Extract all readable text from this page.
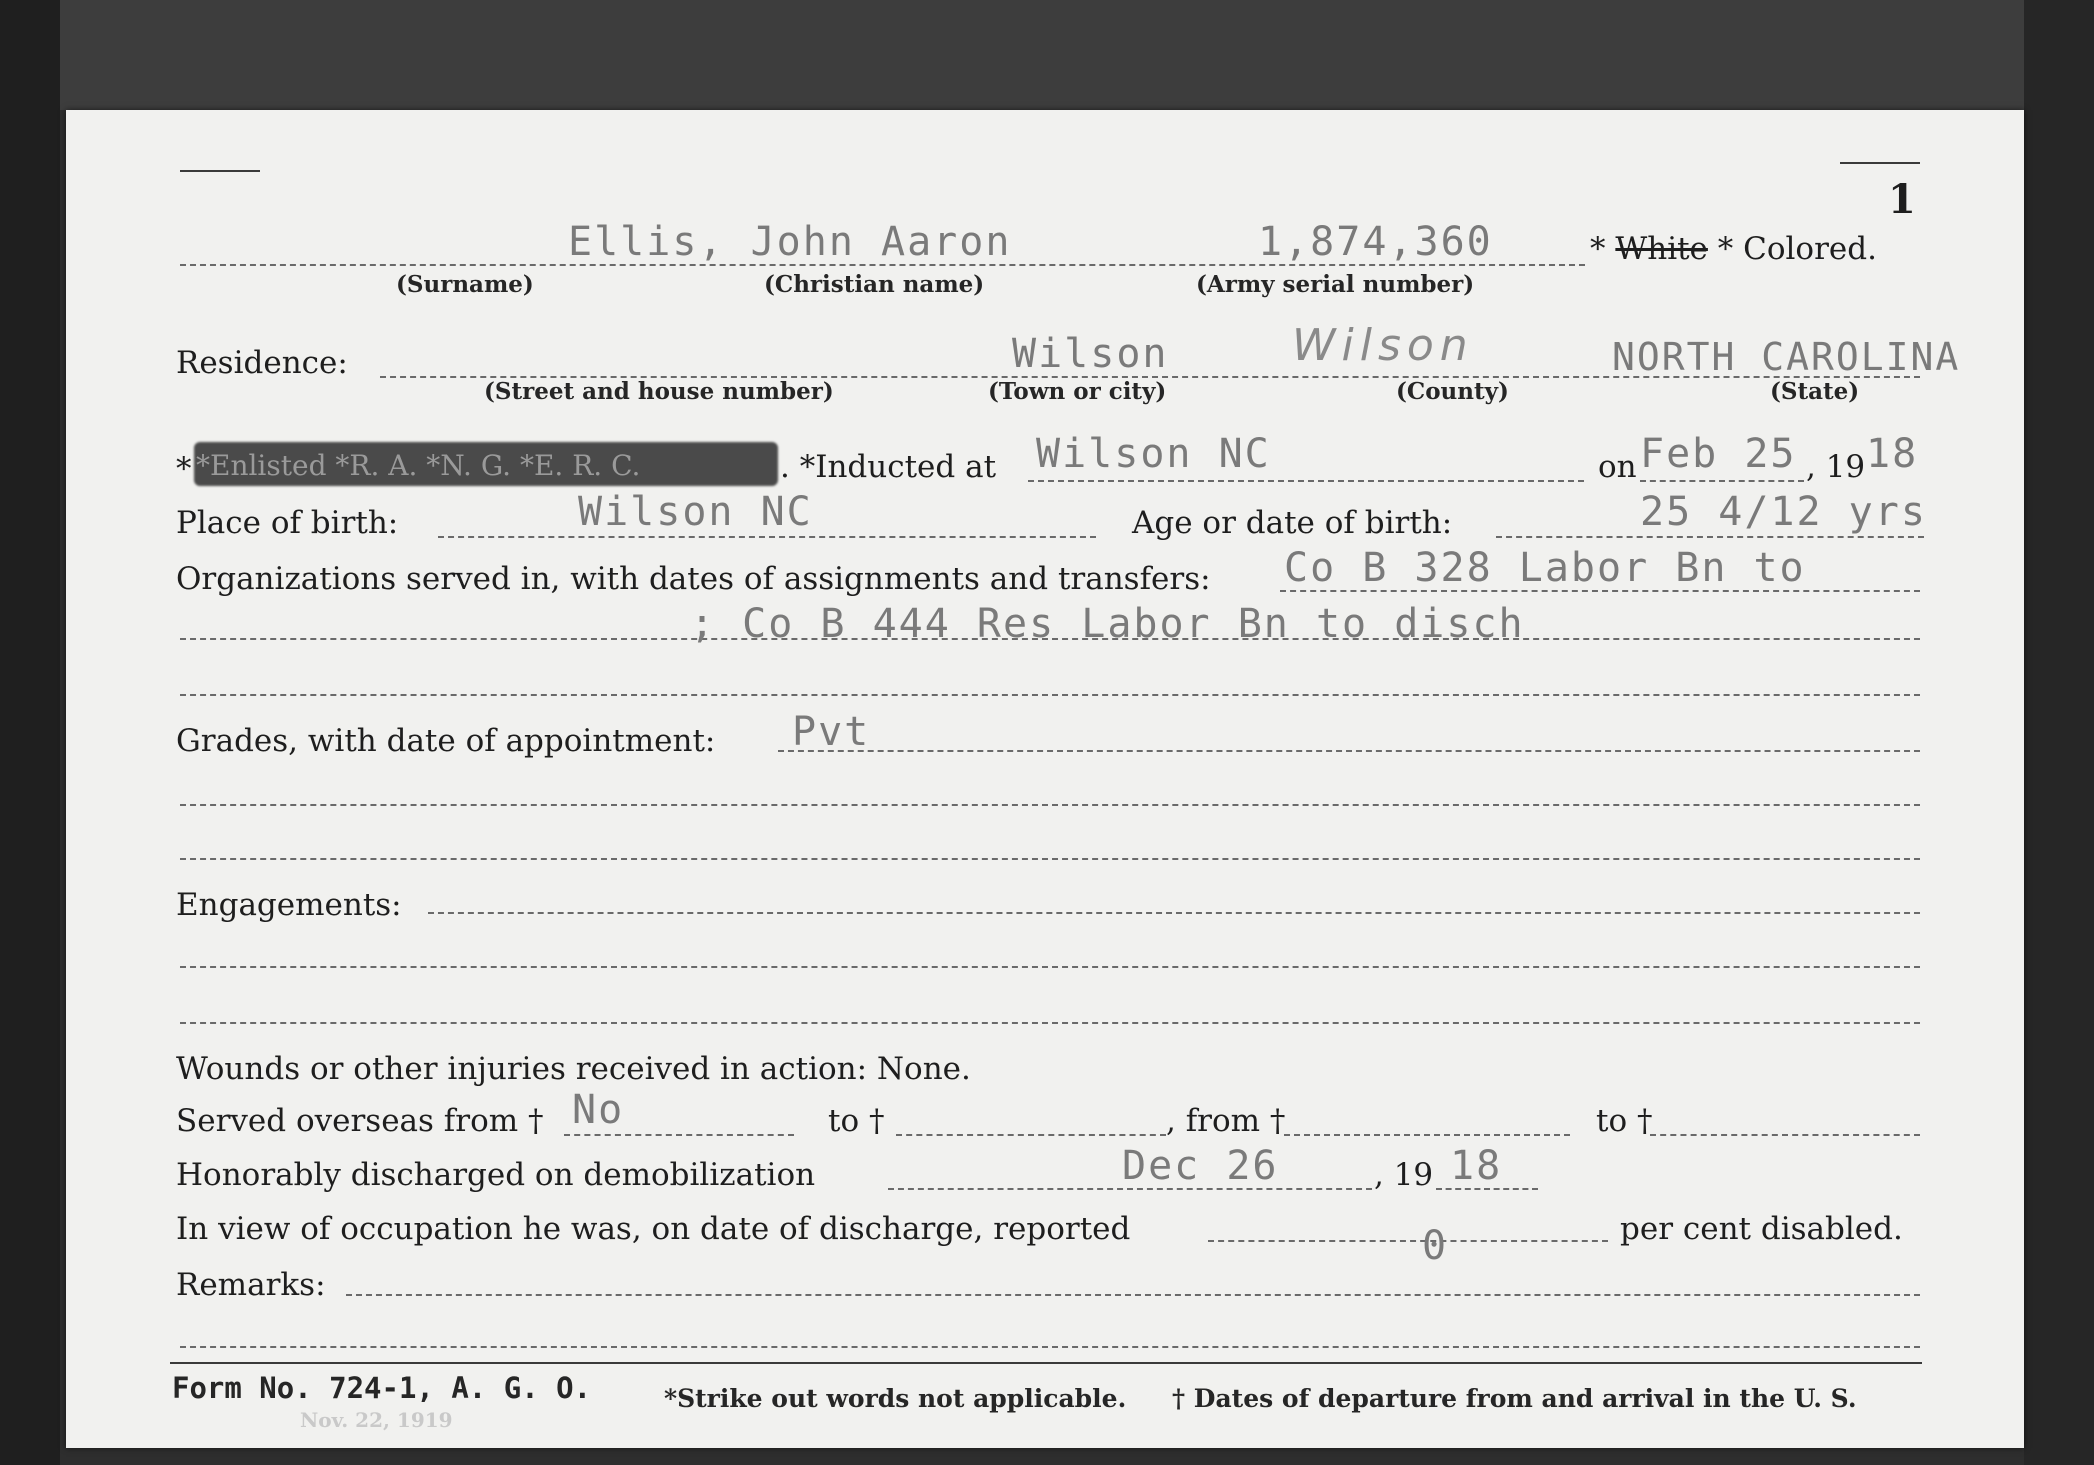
1
Ellis, John Aaron	1,874,360	* White * Colored.
(Surname)	(Christian name)	(Army serial number)
Residence:	Wilson	Wilson	NORTH CAROLINA
(Street and house number)	(Town or city)	(County)	(State)
* *Enlisted *R. A. *N. G. *E. R. C.	. *Inducted at Wilson NC	on Feb 25 , 19 18
Place of birth:	Wilson NC	Age or date of birth:	25 4/12 yrs
Organizations served in, with dates of assignments and transfers: Co B 328 Labor Bn to
; Co B 444 Res Labor Bn to disch
Grades, with date of appointment: Pvt
Engagements:
Wounds or other injuries received in action: None.
Served overseas from † No	to †	, from †	to †
Honorably discharged on demobilization	Dec 26	, 19 18
In view of occupation he was, on date of discharge, reported	0	per cent disabled.
Remarks:
Form No. 724-1, A. G. O.
Nov. 22, 1919
*Strike out words not applicable. † Dates of departure from and arrival in the U. S.
